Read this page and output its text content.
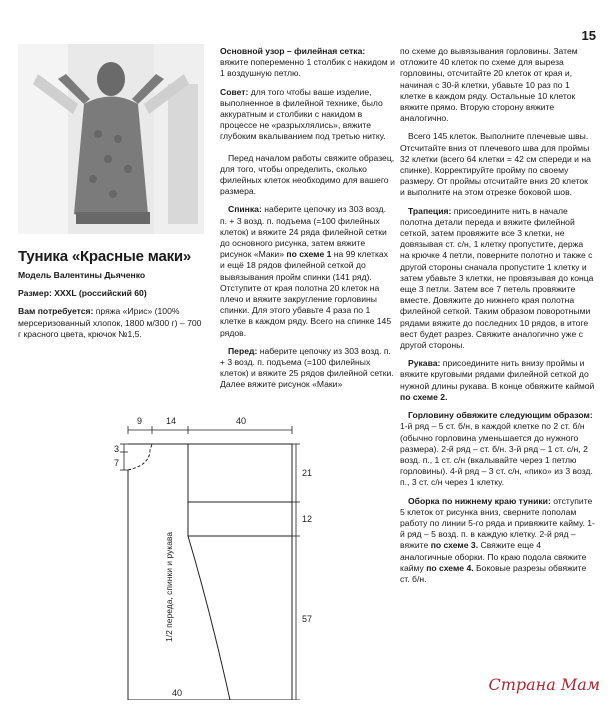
15
Туника «Красные маки»

Модель Валентины Дьяченко

Размер: XXXL (российский 60)

Вам потребуется: пряжа «Ирис» (100% мерсеризованный хлопок, 1800 м/300 г) – 700 г красного цвета, крючок №1,5.

Основной узор – филейная сетка: вяжите попеременно 1 столбик с накидом и 1 воздушную петлю.

Совет: для того чтобы ваше изделие, выполненное в филейной технике, было аккуратным и столбики с накидом в процессе не «разрыхлялись», вяжите глубоким вкалыванием под третью нитку.

Перед началом работы свяжите образец, для того, чтобы определить, сколько филейных клеток необходимо для вашего размера.

Спинка: наберите цепочку из 303 возд. п. + 3 возд. п. подъема (=100 филейных клеток) и вяжите 24 ряда филейной сетки до основного рисунка, затем вяжите рисунок «Маки» по схеме 1 на 99 клетках и ещё 18 рядов филейной сеткой до вывязывания пройм спинки (141 ряд). Отступите от края полотна 20 клеток на плечо и вяжите закругление горловины спинки. Для этого убавьте 4 раза по 1 клетке в каждом ряду. Всего на спинке 145 рядов.

Перед: наберите цепочку из 303 возд. п. + 3 возд. п. подъема (=100 филейных клеток) и вяжите 25 рядов филейной сетки. Далее вяжите рисунок «Маки»

по схеме до вывязывания горловины. Затем отложите 40 клеток по схеме для выреза горловины, отсчитайте 20 клеток от края и, начиная с 30-й клетки, убавьте 10 раз по 1 клетке в каждом ряду. Остальные 10 клеток вяжите прямо. Вторую сторону вяжите аналогично.

Всего 145 клеток. Выполните плечевые швы. Отсчитайте вниз от плечевого шва для проймы 32 клетки (всего 64 клетки = 42 см спереди и на спинке). Корректируйте пройму по своему размеру. От проймы отсчитайте вниз 20 клеток и выполните на этом отрезке боковой шов.

Трапеция: присоедините нить в начале полотна детали переда и вяжите филейной сеткой, затем провяжите все 3 клетки, не довязывая ст. с/н, 1 клетку пропустите, держа на крючке 4 петли, поверните полотно и также с другой стороны сначала пропустите 1 клетку и затем убавьте 3 клетки, не провязывая до конца еще 3 петли. Затем все 7 петель провяжите вместе. Довяжите до нижнего края полотна филейной сеткой. Таким образом поворотными рядами вяжите до последних 10 рядов, в итоге вест будет разрез. Свяжите аналогично уже с другой стороны.

Рукава: присоедините нить внизу проймы и вяжите круговыми рядами филейной сеткой до нужной длины рукава. В конце обвяжите каймой по схеме 2.

Горловину обвяжите следующим образом: 1-й ряд – 5 ст. б/н, в каждой клетке по 2 ст. б/н (обычно горловина уменьшается до нужного размера). 2-й ряд – ст. б/н. 3-й ряд – 1 ст. с/н, 2 возд. п., 1 ст. с/н (вкалывайте через 1 петлю горловины). 4-й ряд – 3 ст. с/н, «пико» из 3 возд. п., 3 ст. с/н через 1 клетку.

Оборка по нижнему краю туники: отступите 5 клеток от рисунка вниз, сверните пополам работу по линии 5-го ряда и привяжите кайму. 1-й ряд – 5 возд. п. в каждую клетку. 2-й ряд – вяжите по схеме 3. Свяжите еще 4 аналогичные оборки. По краю подола свяжите кайму по схеме 4. Боковые разрезы обвяжите ст. б/н.

9	14	40
3
7
21
12
57
40
1/2 переда, спинки и рукава
Страна Мам
